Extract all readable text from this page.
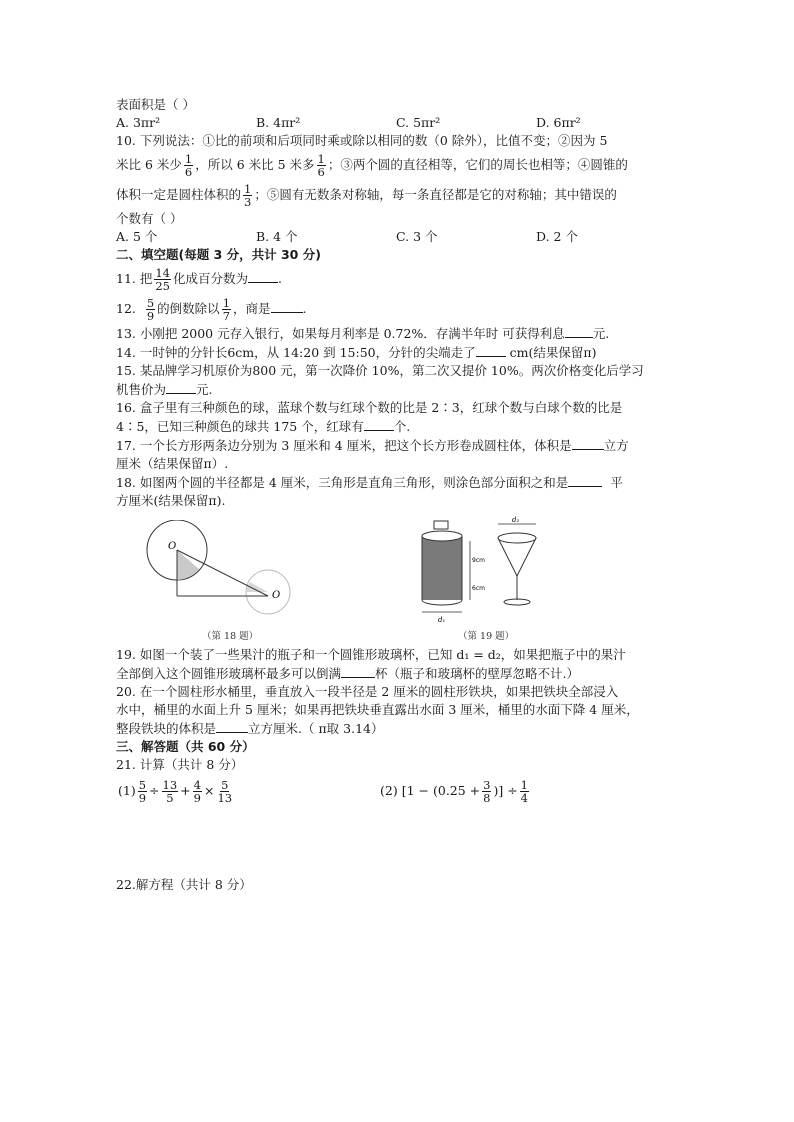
表面积是（ ）

A. 3πr²	B. 4πr²	C. 5πr²	D. 6πr²

10. 下列说法：①比的前项和后项同时乘或除以相同的数（0 除外），比值不变；②因为 5

米比 6 米少 $\frac{1}{6}$ ，所以 6 米比 5 米多 $\frac{1}{6}$ ；③两个圆的直径相等，它们的周长也相等；④圆锥的

体积一定是圆柱体积的 $\frac{1}{3}$ ；⑤圆有无数条对称轴，每一条直径都是它的对称轴；其中错误的

个数有（ ）

A. 5 个	B. 4 个	C. 3 个	D. 2 个

二、填空题(每题 3 分，共计 30 分)

11. 把 $\frac{14}{25}$ 化成百分数为 .

12. $\frac{5}{9}$ 的倒数除以 $\frac{1}{7}$ ，商是	.

13. 小刚把 2000 元存入银行，如果每月利率是 0.72%．存满半年时 可获得利息 元.

14. 一时钟的分针长6cm，从 14:20 到 15:50，分针的尖端走了	cm(结果保留π)

15. 某品牌学习机原价为800 元，第一次降价 10%，第二次又提价 10%。两次价格变化后学习

机售价为 元.

16. 盒子里有三种颜色的球，蓝球个数与红球个数的比是 2∶3，红球个数与白球个数的比是

4∶5，已知三种颜色的球共 175 个，红球有 个.

17. 一个长方形两条边分别为 3 厘米和 4 厘米，把这个长方形卷成圆柱体，体积是	立方

厘米（结果保留π）.

18. 如图两个圆的半径都是 4 厘米，三角形是直角三角形，则涂色部分面积之和是	平

方厘米(结果保留π).

O
O
（第 18 题）
9cm
6cm
d₁
d₂
（第 19 题）

19. 如图一个装了一些果汁的瓶子和一个圆锥形玻璃杯，已知 d₁ = d₂，如果把瓶子中的果汁

全部倒入这个圆锥形玻璃杯最多可以倒满	杯（瓶子和玻璃杯的壁厚忽略不计.）

20. 在一个圆柱形水桶里，垂直放入一段半径是 2 厘米的圆柱形铁块，如果把铁块全部浸入

水中，桶里的水面上升 5 厘米；如果再把铁块垂直露出水面 3 厘米，桶里的水面下降 4 厘米，

整段铁块的体积是	立方厘米.（ π取 3.14）

三、解答题（共 60 分）

21. 计算（共计 8 分）

$(1) \frac{5}{9} \div \frac{13}{5} + \frac{4}{9} \times \frac{5}{13}$	(2) [$1 - (0.25 + \frac{3}{8}$ )] ÷ $\frac{1}{4}$

22.解方程（共计 8 分）
